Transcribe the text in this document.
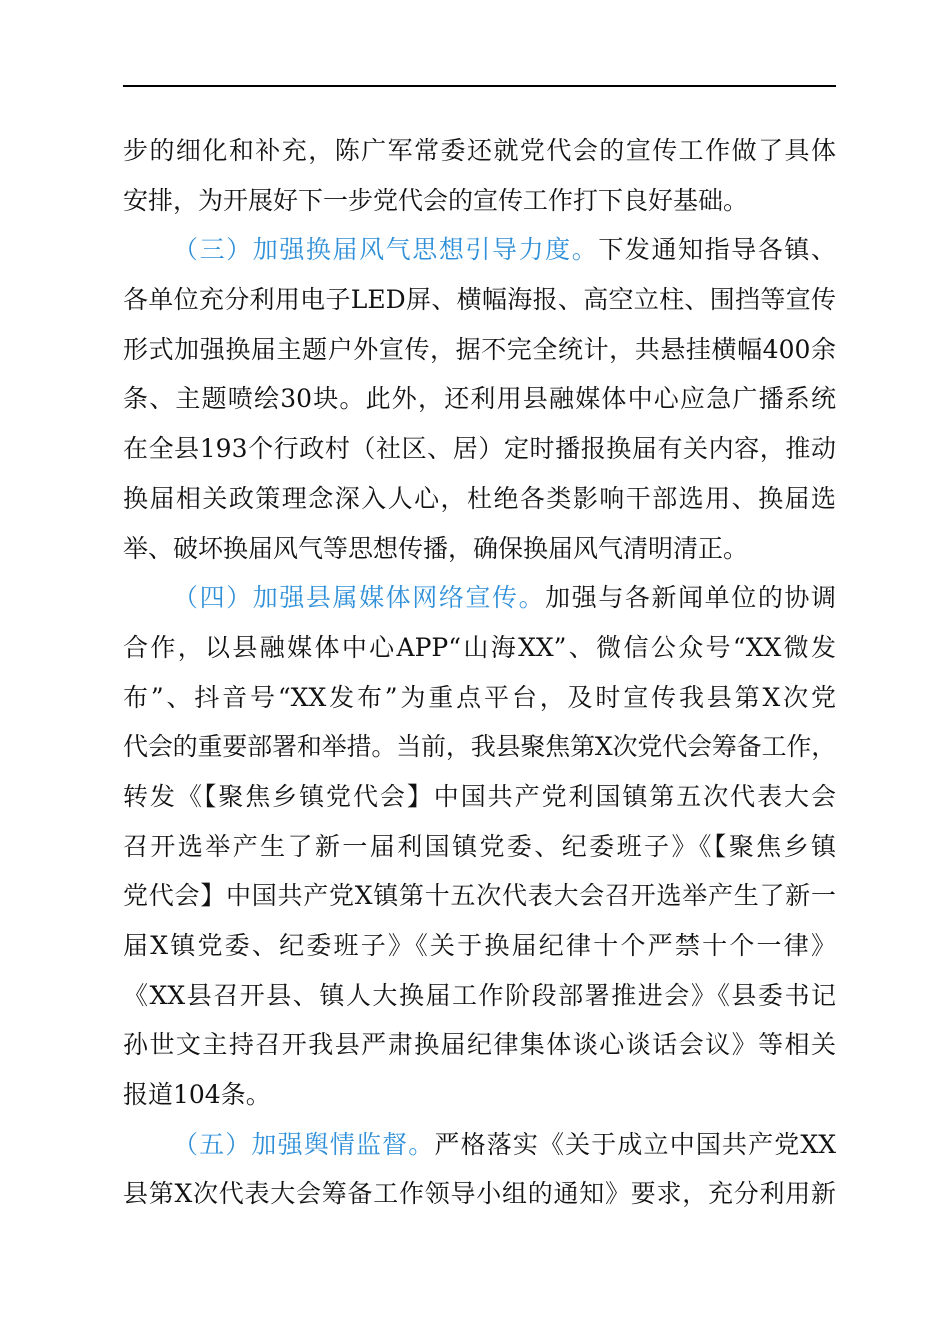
步的细化和补充，陈广军常委还就党代会的宣传工作做了具体
安排，为开展好下一步党代会的宣传工作打下良好基础。
（三）加强换届风气思想引导力度。下发通知指导各镇、
各单位充分利用电子LED屏、横幅海报、高空立柱、围挡等宣传
形式加强换届主题户外宣传，据不完全统计，共悬挂横幅400余
条、主题喷绘30块。此外，还利用县融媒体中心应急广播系统
在全县193个行政村（社区、居）定时播报换届有关内容，推动
换届相关政策理念深入人心，杜绝各类影响干部选用、换届选
举、破坏换届风气等思想传播，确保换届风气清明清正。
（四）加强县属媒体网络宣传。加强与各新闻单位的协调
合作，以县融媒体中心APP“山海XX”、微信公众号“XX微发
布”、抖音号“XX发布”为重点平台，及时宣传我县第X次党
代会的重要部署和举措。当前，我县聚焦第X次党代会筹备工作，
转发《【聚焦乡镇党代会】中国共产党利国镇第五次代表大会
召开选举产生了新一届利国镇党委、纪委班子》《【聚焦乡镇
党代会】中国共产党X镇第十五次代表大会召开选举产生了新一
届X镇党委、纪委班子》《关于换届纪律十个严禁十个一律》
《XX县召开县、镇人大换届工作阶段部署推进会》《县委书记
孙世文主持召开我县严肃换届纪律集体谈心谈话会议》等相关
报道104条。
（五）加强舆情监督。严格落实《关于成立中国共产党XX
县第X次代表大会筹备工作领导小组的通知》要求，充分利用新
